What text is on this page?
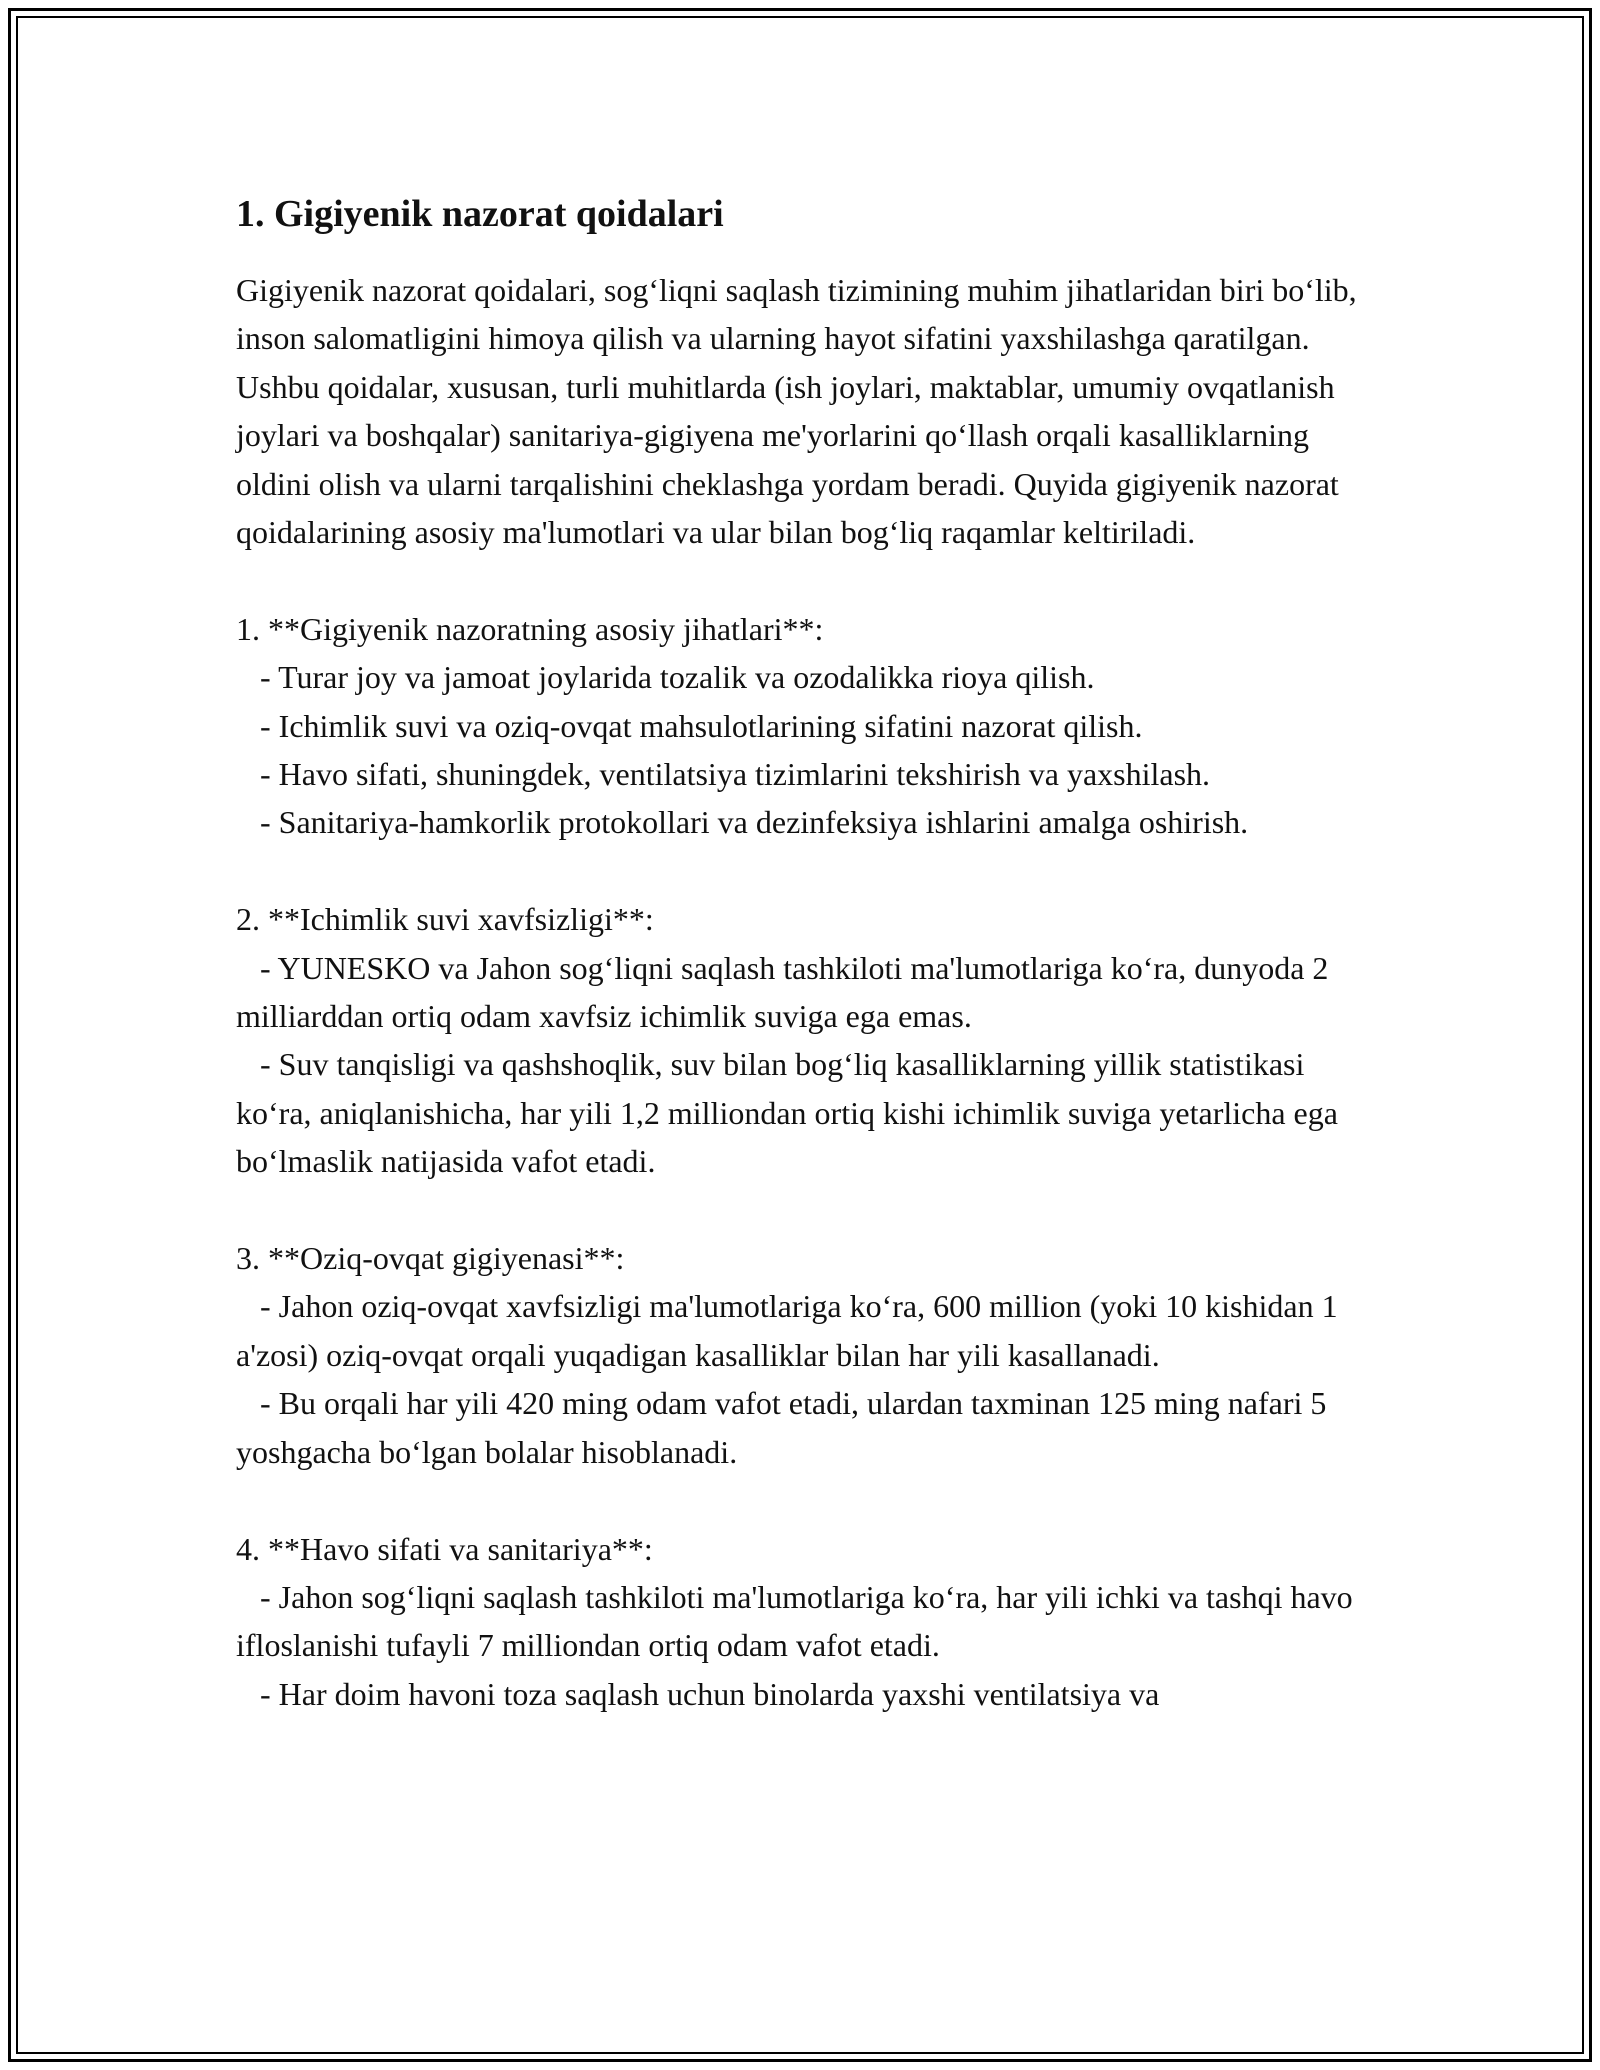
1. Gigiyenik nazorat qoidalari

Gigiyenik nazorat qoidalari, sog‘liqni saqlash tizimining muhim jihatlaridan biri bo‘lib, inson salomatligini himoya qilish va ularning hayot sifatini yaxshilashga qaratilgan. Ushbu qoidalar, xususan, turli muhitlarda (ish joylari, maktablar, umumiy ovqatlanish joylari va boshqalar) sanitariya-gigiyena me'yorlarini qo‘llash orqali kasalliklarning oldini olish va ularni tarqalishini cheklashga yordam beradi. Quyida gigiyenik nazorat qoidalarining asosiy ma'lumotlari va ular bilan bog‘liq raqamlar keltiriladi.

1. **Gigiyenik nazoratning asosiy jihatlari**:

- Turar joy va jamoat joylarida tozalik va ozodalikka rioya qilish.

- Ichimlik suvi va oziq-ovqat mahsulotlarining sifatini nazorat qilish.

- Havo sifati, shuningdek, ventilatsiya tizimlarini tekshirish va yaxshilash.

- Sanitariya-hamkorlik protokollari va dezinfeksiya ishlarini amalga oshirish.

2. **Ichimlik suvi xavfsizligi**:

- YUNESKO va Jahon sog‘liqni saqlash tashkiloti ma'lumotlariga ko‘ra, dunyoda 2 milliarddan ortiq odam xavfsiz ichimlik suviga ega emas.

- Suv tanqisligi va qashshoqlik, suv bilan bog‘liq kasalliklarning yillik statistikasi ko‘ra, aniqlanishicha, har yili 1,2 milliondan ortiq kishi ichimlik suviga yetarlicha ega bo‘lmaslik natijasida vafot etadi.

3. **Oziq-ovqat gigiyenasi**:

- Jahon oziq-ovqat xavfsizligi ma'lumotlariga ko‘ra, 600 million (yoki 10 kishidan 1 a'zosi) oziq-ovqat orqali yuqadigan kasalliklar bilan har yili kasallanadi.

- Bu orqali har yili 420 ming odam vafot etadi, ulardan taxminan 125 ming nafari 5 yoshgacha bo‘lgan bolalar hisoblanadi.

4. **Havo sifati va sanitariya**:

- Jahon sog‘liqni saqlash tashkiloti ma'lumotlariga ko‘ra, har yili ichki va tashqi havo ifloslanishi tufayli 7 milliondan ortiq odam vafot etadi.

- Har doim havoni toza saqlash uchun binolarda yaxshi ventilatsiya va
